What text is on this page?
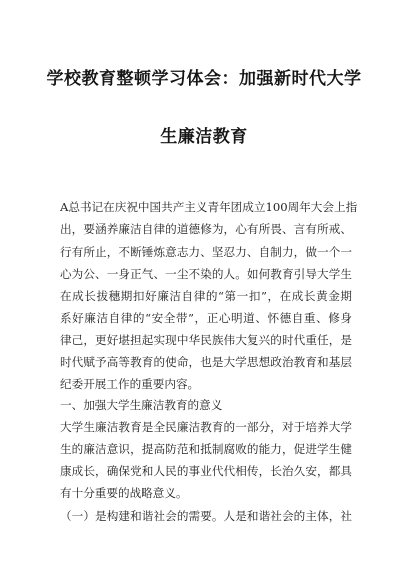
学校教育整顿学习体会：加强新时代大学
生廉洁教育
A总书记在庆祝中国共产主义青年团成立100周年大会上指
出，要涵养廉洁自律的道德修为，心有所畏、言有所戒、
行有所止，不断锤炼意志力、坚忍力、自制力，做一个一
心为公、一身正气、一尘不染的人。如何教育引导大学生
在成长拔穗期扣好廉洁自律的“第一扣”，在成长黄金期
系好廉洁自律的“安全带”，正心明道、怀德自重、修身
律己，更好堪担起实现中华民族伟大复兴的时代重任，是
时代赋予高等教育的使命，也是大学思想政治教育和基层
纪委开展工作的重要内容。
一、加强大学生廉洁教育的意义
大学生廉洁教育是全民廉洁教育的一部分，对于培养大学
生的廉洁意识，提高防范和抵制腐败的能力，促进学生健
康成长，确保党和人民的事业代代相传，长治久安，都具
有十分重要的战略意义。
（一）是构建和谐社会的需要。人是和谐社会的主体，社
